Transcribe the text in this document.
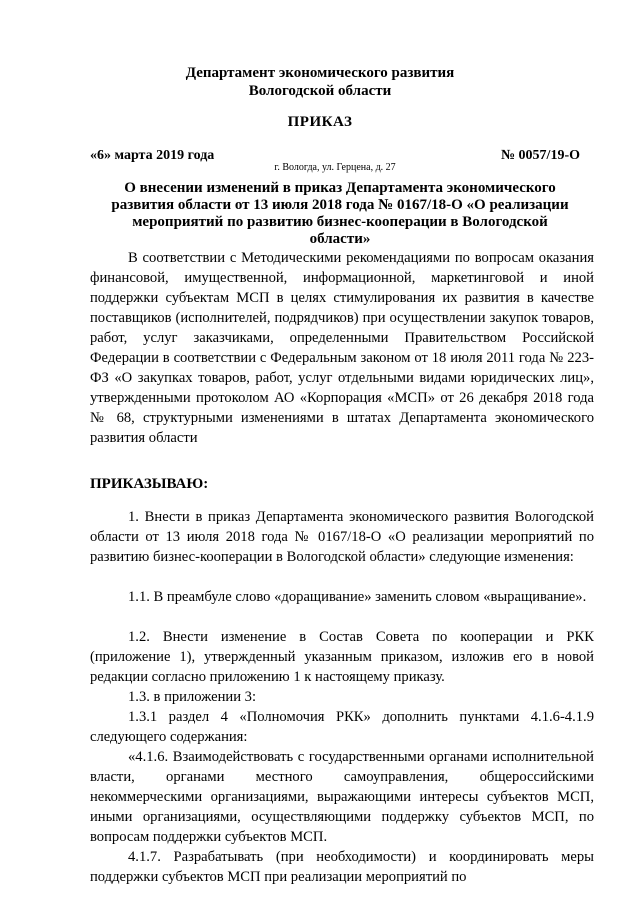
Департамент экономического развития
Вологодской области
ПРИКАЗ
«6» марта 2019 года	№ 0057/19-О
г. Вологда, ул. Герцена, д. 27
О внесении изменений в приказ Департамента экономического развития области от 13 июля 2018 года № 0167/18-О «О реализации мероприятий по развитию бизнес-кооперации в Вологодской области»
В соответствии с Методическими рекомендациями по вопросам оказания финансовой, имущественной, информационной, маркетинговой и иной поддержки субъектам МСП в целях стимулирования их развития в качестве поставщиков (исполнителей, подрядчиков) при осуществлении закупок товаров, работ, услуг заказчиками, определенными Правительством Российской Федерации в соответствии с Федеральным законом от 18 июля 2011 года № 223-ФЗ «О закупках товаров, работ, услуг отдельными видами юридических лиц», утвержденными протоколом АО «Корпорация «МСП» от 26 декабря 2018 года № 68, структурными изменениями в штатах Департамента экономического развития области
ПРИКАЗЫВАЮ:
1. Внести в приказ Департамента экономического развития Вологодской области от 13 июля 2018 года № 0167/18-О «О реализации мероприятий по развитию бизнес-кооперации в Вологодской области» следующие изменения:
1.1. В преамбуле слово «доращивание» заменить словом «выращивание».
1.2. Внести изменение в Состав Совета по кооперации и РКК (приложение 1), утвержденный указанным приказом, изложив его в новой редакции согласно приложению 1 к настоящему приказу.
1.3. в приложении 3:
1.3.1 раздел 4 «Полномочия РКК» дополнить пунктами 4.1.6-4.1.9 следующего содержания:
«4.1.6. Взаимодействовать с государственными органами исполнительной власти, органами местного самоуправления, общероссийскими некоммерческими организациями, выражающими интересы субъектов МСП, иными организациями, осуществляющими поддержку субъектов МСП, по вопросам поддержки субъектов МСП.
4.1.7. Разрабатывать (при необходимости) и координировать меры поддержки субъектов МСП при реализации мероприятий по
